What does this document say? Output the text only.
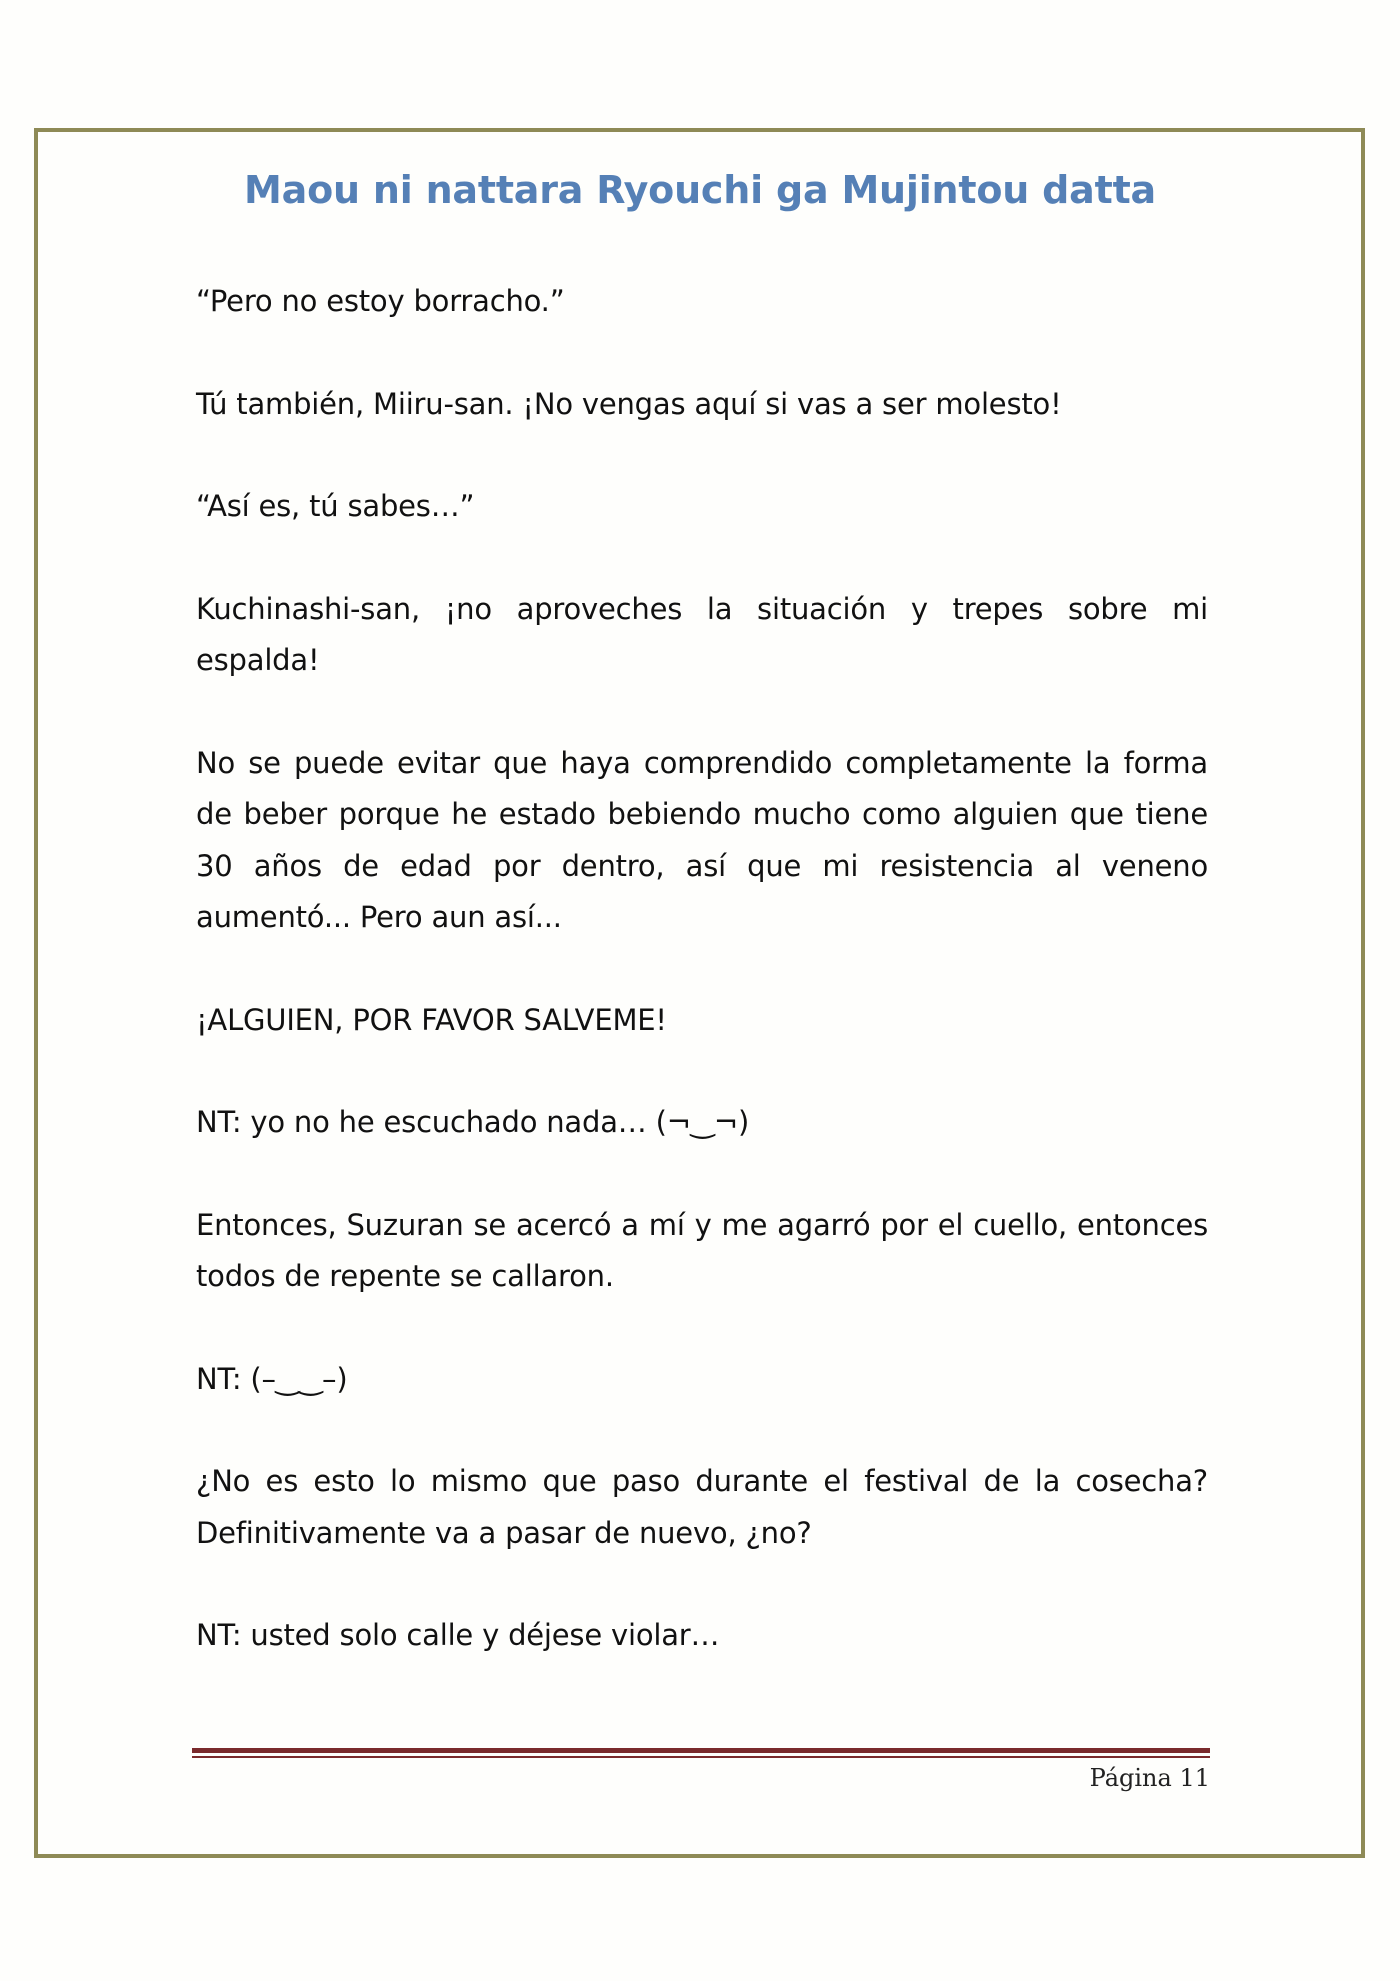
Maou ni nattara Ryouchi ga Mujintou datta

“Pero no estoy borracho.”

Tú también, Miiru-san. ¡No vengas aquí si vas a ser molesto!

“Así es, tú sabes…”

Kuchinashi-san, ¡no aproveches la situación y trepes sobre mi espalda!

No se puede evitar que haya comprendido completamente la forma de beber porque he estado bebiendo mucho como alguien que tiene 30 años de edad por dentro, así que mi resistencia al veneno aumentó... Pero aun así...

¡ALGUIEN, POR FAVOR SALVEME!

NT: yo no he escuchado nada… (¬‿¬)

Entonces, Suzuran se acercó a mí y me agarró por el cuello, entonces todos de repente se callaron.

NT: (–‿‿–)

¿No es esto lo mismo que paso durante el festival de la cosecha? Definitivamente va a pasar de nuevo, ¿no?

NT: usted solo calle y déjese violar…

Página 11
